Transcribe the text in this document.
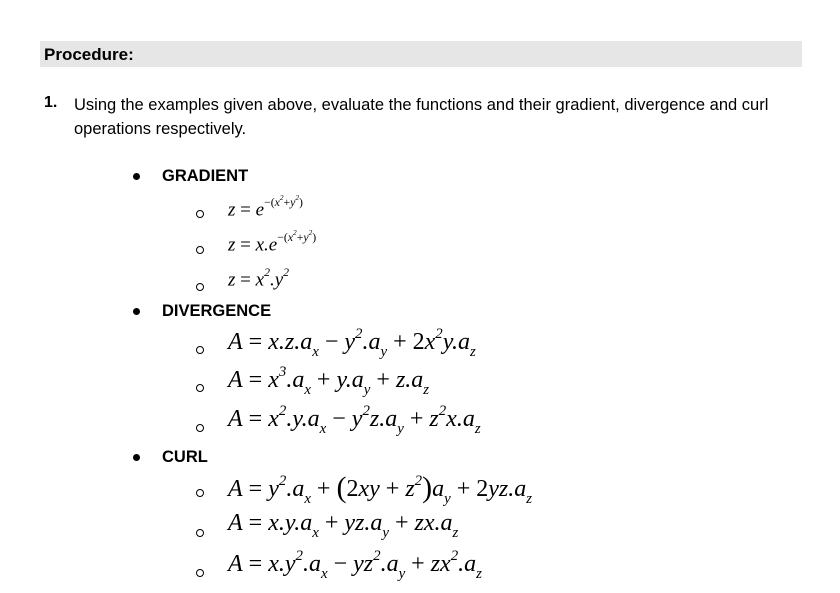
Procedure:
1. Using the examples given above, evaluate the functions and their gradient, divergence and curl operations respectively.
GRADIENT
$z = e^{-(x^2+y^2)}$
$z = x.e^{-(x^2+y^2)}$
$z = x^2.y^2$
DIVERGENCE
$A = x.z.a_x - y^2.a_y + 2x^2y.a_z$
$A = x^3.a_x + y.a_y + z.a_z$
$A = x^2.y.a_x - y^2z.a_y + z^2x.a_z$
CURL
$A = y^2.a_x + (2xy + z^2)a_y + 2yz.a_z$
$A = x.y.a_x + yz.a_y + zx.a_z$
$A = x.y^2.a_x - yz^2.a_y + zx^2.a_z$
